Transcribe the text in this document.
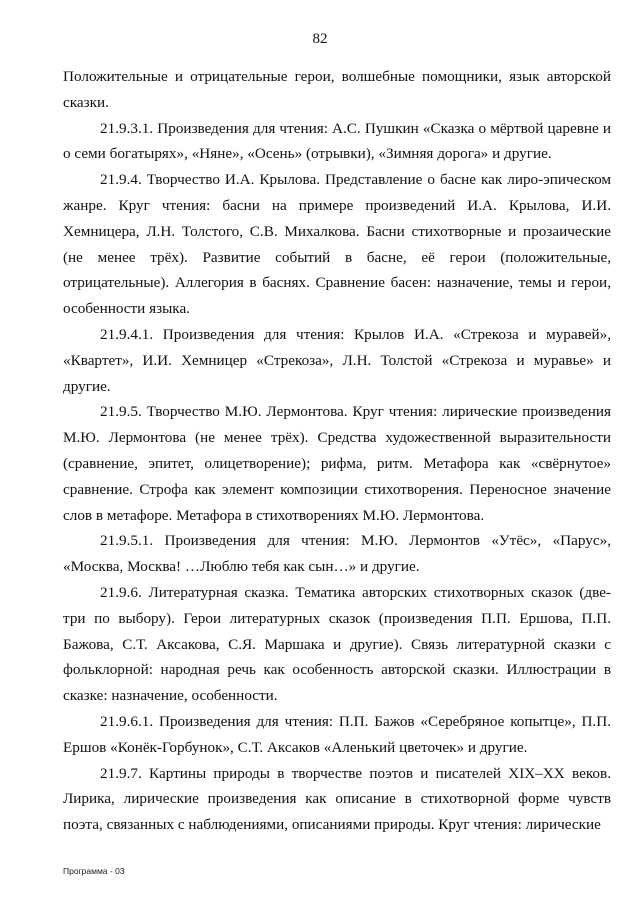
82

Положительные и отрицательные герои, волшебные помощники, язык авторской сказки.

21.9.3.1. Произведения для чтения: А.С. Пушкин «Сказка о мёртвой царевне и о семи богатырях», «Няне», «Осень» (отрывки), «Зимняя дорога» и другие.

21.9.4. Творчество И.А. Крылова. Представление о басне как лиро-эпическом жанре. Круг чтения: басни на примере произведений И.А. Крылова, И.И. Хемницера, Л.Н. Толстого, С.В. Михалкова. Басни стихотворные и прозаические (не менее трёх). Развитие событий в басне, её герои (положительные, отрицательные). Аллегория в баснях. Сравнение басен: назначение, темы и герои, особенности языка.

21.9.4.1. Произведения для чтения: Крылов И.А. «Стрекоза и муравей», «Квартет», И.И. Хемницер «Стрекоза», Л.Н. Толстой «Стрекоза и муравье» и другие.

21.9.5. Творчество М.Ю. Лермонтова. Круг чтения: лирические произведения М.Ю. Лермонтова (не менее трёх). Средства художественной выразительности (сравнение, эпитет, олицетворение); рифма, ритм. Метафора как «свёрнутое» сравнение. Строфа как элемент композиции стихотворения. Переносное значение слов в метафоре. Метафора в стихотворениях М.Ю. Лермонтова.

21.9.5.1. Произведения для чтения: М.Ю. Лермонтов «Утёс», «Парус», «Москва, Москва! …Люблю тебя как сын…» и другие.

21.9.6. Литературная сказка. Тематика авторских стихотворных сказок (две-три по выбору). Герои литературных сказок (произведения П.П. Ершова, П.П. Бажова, С.Т. Аксакова, С.Я. Маршака и другие). Связь литературной сказки с фольклорной: народная речь как особенность авторской сказки. Иллюстрации в сказке: назначение, особенности.

21.9.6.1. Произведения для чтения: П.П. Бажов «Серебряное копытце», П.П. Ершов «Конёк-Горбунок», С.Т. Аксаков «Аленький цветочек» и другие.

21.9.7. Картины природы в творчестве поэтов и писателей XIX–XX веков. Лирика, лирические произведения как описание в стихотворной форме чувств поэта, связанных с наблюдениями, описаниями природы. Круг чтения: лирические

Программа - 03
